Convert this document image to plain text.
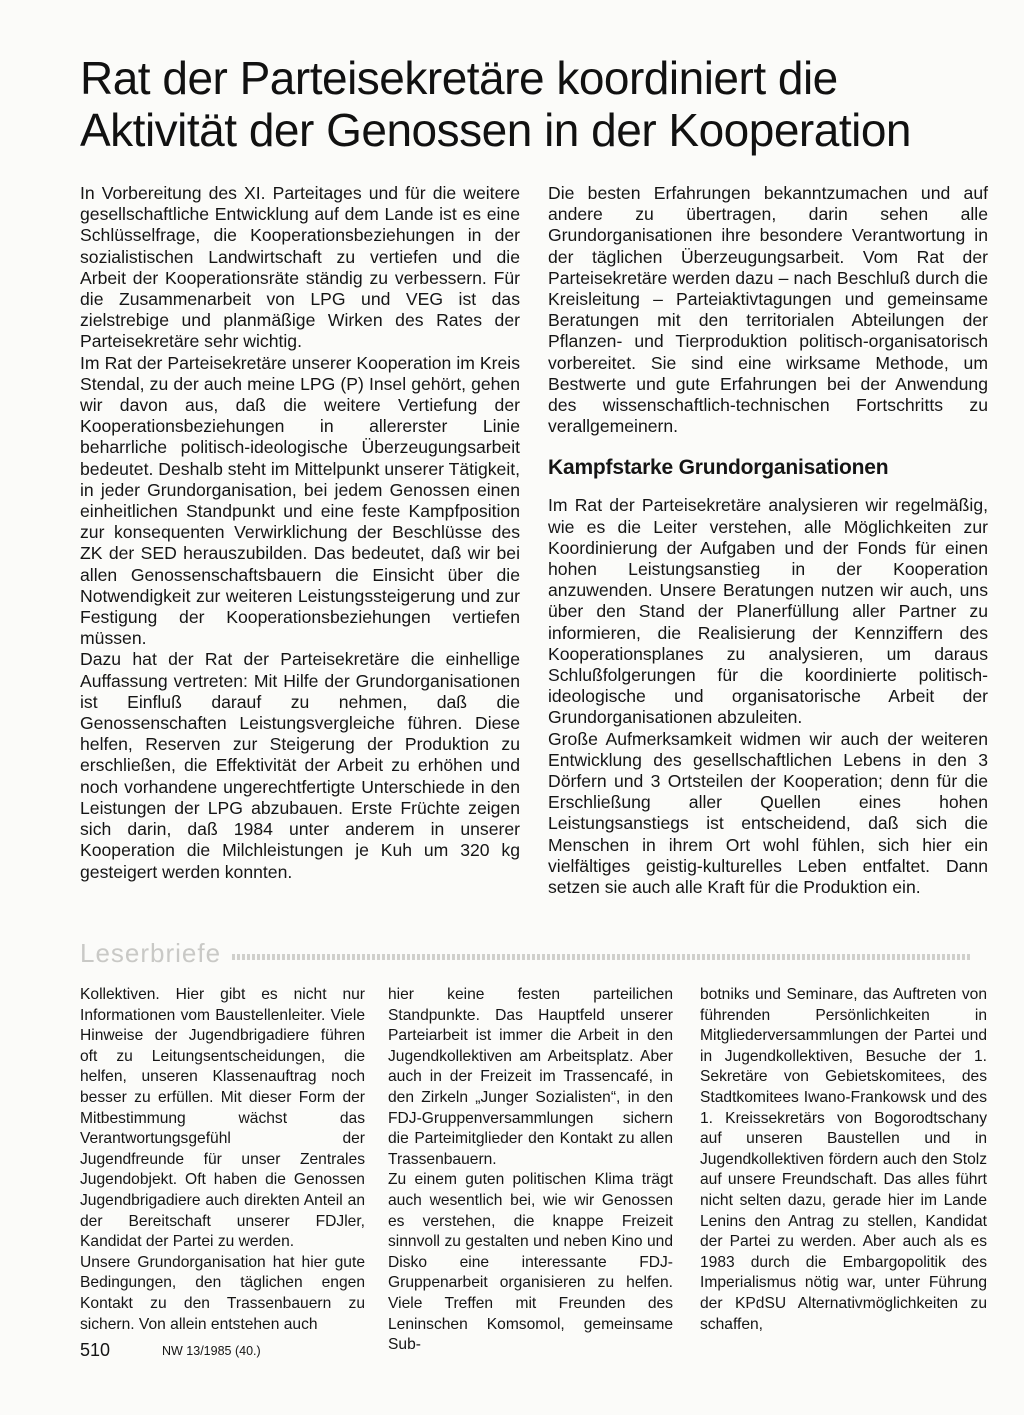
Rat der Parteisekretäre koordiniert die Aktivität der Genossen in der Kooperation

In Vorbereitung des XI. Parteitages und für die weitere gesellschaftliche Entwicklung auf dem Lande ist es eine Schlüsselfrage, die Kooperationsbeziehungen in der sozialistischen Landwirtschaft zu vertiefen und die Arbeit der Kooperationsräte ständig zu verbessern. Für die Zusammenarbeit von LPG und VEG ist das zielstrebige und planmäßige Wirken des Rates der Parteisekretäre sehr wichtig.

Im Rat der Parteisekretäre unserer Kooperation im Kreis Stendal, zu der auch meine LPG (P) Insel gehört, gehen wir davon aus, daß die weitere Vertiefung der Kooperationsbeziehungen in allererster Linie beharrliche politisch-ideologische Überzeugungsarbeit bedeutet. Deshalb steht im Mittelpunkt unserer Tätigkeit, in jeder Grundorganisation, bei jedem Genossen einen einheitlichen Standpunkt und eine feste Kampfposition zur konsequenten Verwirklichung der Beschlüsse des ZK der SED herauszubilden. Das bedeutet, daß wir bei allen Genossenschaftsbauern die Einsicht über die Notwendigkeit zur weiteren Leistungssteigerung und zur Festigung der Kooperationsbeziehungen vertiefen müssen.

Dazu hat der Rat der Parteisekretäre die einhellige Auffassung vertreten: Mit Hilfe der Grundorganisationen ist Einfluß darauf zu nehmen, daß die Genossenschaften Leistungsvergleiche führen. Diese helfen, Reserven zur Steigerung der Produktion zu erschließen, die Effektivität der Arbeit zu erhöhen und noch vorhandene ungerechtfertigte Unterschiede in den Leistungen der LPG abzubauen. Erste Früchte zeigen sich darin, daß 1984 unter anderem in unserer Kooperation die Milchleistungen je Kuh um 320 kg gesteigert werden konnten.

Die besten Erfahrungen bekanntzumachen und auf andere zu übertragen, darin sehen alle Grundorganisationen ihre besondere Verantwortung in der täglichen Überzeugungsarbeit. Vom Rat der Parteisekretäre werden dazu – nach Beschluß durch die Kreisleitung – Parteiaktivtagungen und gemeinsame Beratungen mit den territorialen Abteilungen der Pflanzen- und Tierproduktion politisch-organisatorisch vorbereitet. Sie sind eine wirksame Methode, um Bestwerte und gute Erfahrungen bei der Anwendung des wissenschaftlich-technischen Fortschritts zu verallgemeinern.

Kampfstarke Grundorganisationen

Im Rat der Parteisekretäre analysieren wir regelmäßig, wie es die Leiter verstehen, alle Möglichkeiten zur Koordinierung der Aufgaben und der Fonds für einen hohen Leistungsanstieg in der Kooperation anzuwenden. Unsere Beratungen nutzen wir auch, uns über den Stand der Planerfüllung aller Partner zu informieren, die Realisierung der Kennziffern des Kooperationsplanes zu analysieren, um daraus Schlußfolgerungen für die koordinierte politisch-ideologische und organisatorische Arbeit der Grundorganisationen abzuleiten.

Große Aufmerksamkeit widmen wir auch der weiteren Entwicklung des gesellschaftlichen Lebens in den 3 Dörfern und 3 Ortsteilen der Kooperation; denn für die Erschließung aller Quellen eines hohen Leistungsanstiegs ist entscheidend, daß sich die Menschen in ihrem Ort wohl fühlen, sich hier ein vielfältiges geistig-kulturelles Leben entfaltet. Dann setzen sie auch alle Kraft für die Produktion ein.

Leserbriefe

Kollektiven. Hier gibt es nicht nur Informationen vom Baustellenleiter. Viele Hinweise der Jugendbrigadiere führen oft zu Leitungsentscheidungen, die helfen, unseren Klassenauftrag noch besser zu erfüllen. Mit dieser Form der Mitbestimmung wächst das Verantwortungsgefühl der Jugendfreunde für unser Zentrales Jugendobjekt. Oft haben die Genossen Jugendbrigadiere auch direkten Anteil an der Bereitschaft unserer FDJler, Kandidat der Partei zu werden.

Unsere Grundorganisation hat hier gute Bedingungen, den täglichen engen Kontakt zu den Trassenbauern zu sichern. Von allein entstehen auch

hier keine festen parteilichen Standpunkte. Das Hauptfeld unserer Parteiarbeit ist immer die Arbeit in den Jugendkollektiven am Arbeitsplatz. Aber auch in der Freizeit im Trassencafé, in den Zirkeln „Junger Sozialisten“, in den FDJ-Gruppenversammlungen sichern die Parteimitglieder den Kontakt zu allen Trassenbauern.

Zu einem guten politischen Klima trägt auch wesentlich bei, wie wir Genossen es verstehen, die knappe Freizeit sinnvoll zu gestalten und neben Kino und Disko eine interessante FDJ-Gruppenarbeit organisieren zu helfen. Viele Treffen mit Freunden des Leninschen Komsomol, gemeinsame Sub-

botniks und Seminare, das Auftreten von führenden Persönlichkeiten in Mitgliederversammlungen der Partei und in Jugendkollektiven, Besuche der 1. Sekretäre von Gebietskomitees, des Stadtkomitees Iwano-Frankowsk und des 1. Kreissekretärs von Bogorodtschany auf unseren Baustellen und in Jugendkollektiven fördern auch den Stolz auf unsere Freundschaft. Das alles führt nicht selten dazu, gerade hier im Lande Lenins den Antrag zu stellen, Kandidat der Partei zu werden. Aber auch als es 1983 durch die Embargopolitik des Imperialismus nötig war, unter Führung der KPdSU Alternativmöglichkeiten zu schaffen,

510	NW 13/1985 (40.)
